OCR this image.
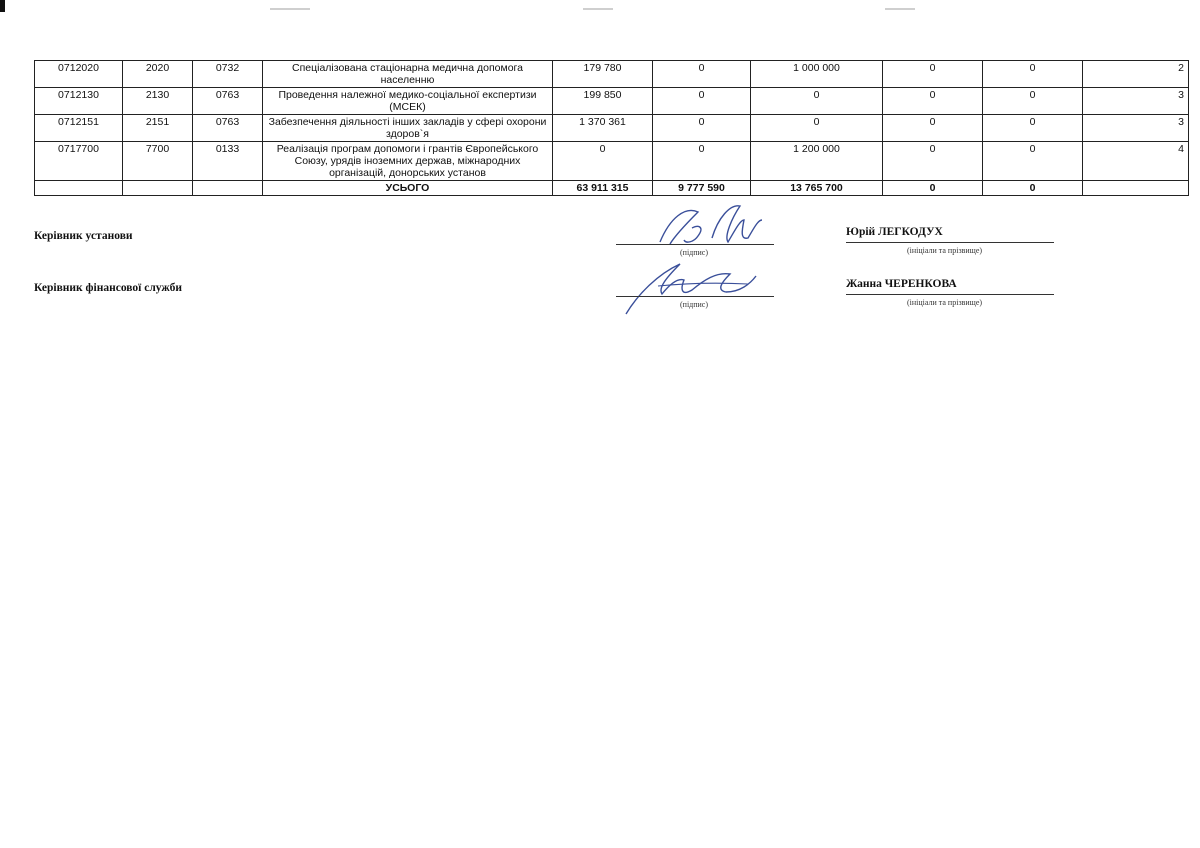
0712020	2020	0732	Спеціалізована стаціонарна медична допомога населенню	179 780	0	1 000 000	0	0	2
0712130	2130	0763	Проведення належної медико-соціальної експертизи (МСЕК)	199 850	0	0	0	0	3
0712151	2151	0763	Забезпечення діяльності інших закладів у сфері охорони здоров`я	1 370 361	0	0	0	0	3
0717700	7700	0133	Реалізація програм допомоги і грантів Європейського Союзу, урядів іноземних держав, міжнародних організацій, донорських установ	0	0	1 200 000	0	0	4
			УСЬОГО	63 911 315	9 777 590	13 765 700	0	0	
Керівник установи
(підпис)
Юрій ЛЕГКОДУХ
(ініціали та прізвище)
Керівник фінансової служби
(підпис)
Жанна ЧЕРЕНКОВА
(ініціали та прізвище)
